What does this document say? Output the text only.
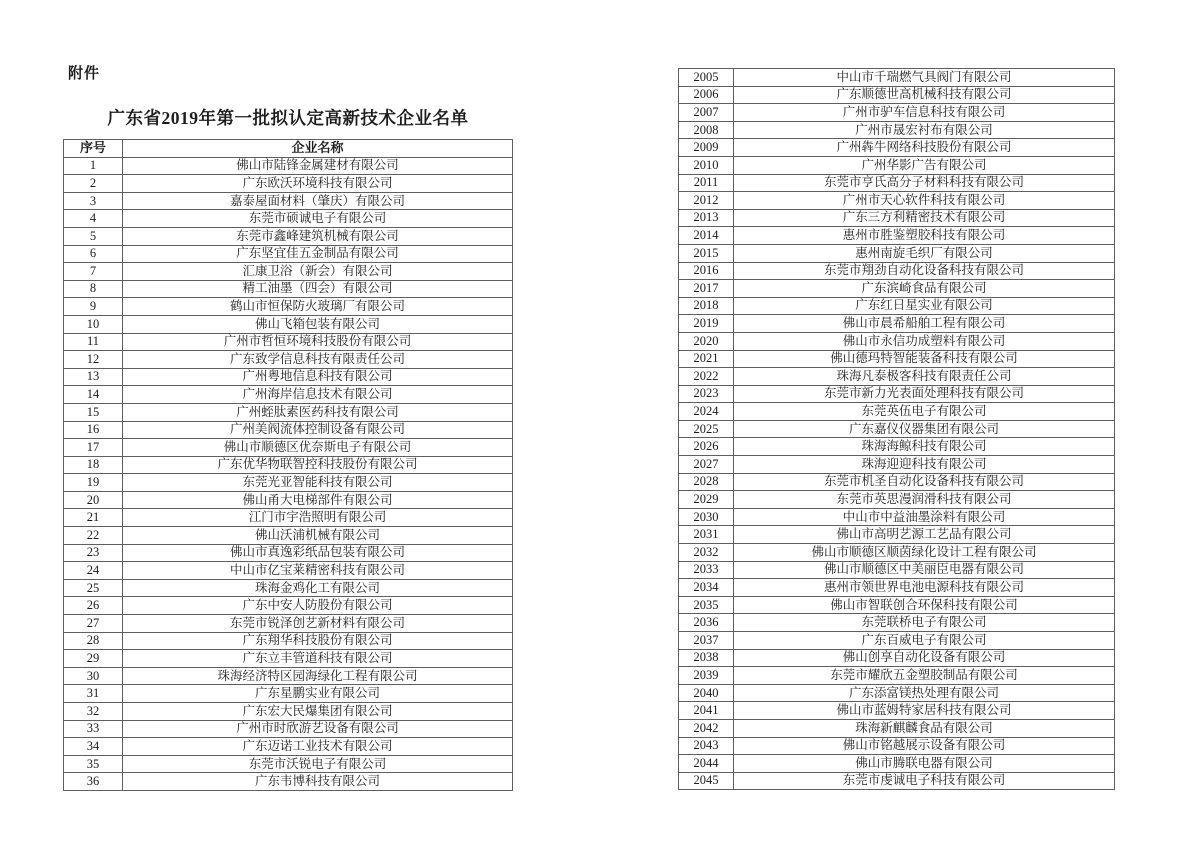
附件
广东省2019年第一批拟认定高新技术企业名单
序号	企业名称
1	佛山市陆锋金属建材有限公司
2	广东欧沃环境科技有限公司
3	嘉泰屋面材料（肇庆）有限公司
4	东莞市硕诚电子有限公司
5	东莞市鑫峰建筑机械有限公司
6	广东坚宜佳五金制品有限公司
7	汇康卫浴（新会）有限公司
8	精工油墨（四会）有限公司
9	鹤山市恒保防火玻璃厂有限公司
10	佛山飞箱包装有限公司
11	广州市哲恒环境科技股份有限公司
12	广东致学信息科技有限责任公司
13	广州粤地信息科技有限公司
14	广州海岸信息技术有限公司
15	广州蛭肽素医药科技有限公司
16	广州美阀流体控制设备有限公司
17	佛山市顺德区优奈斯电子有限公司
18	广东优华物联智控科技股份有限公司
19	东莞光亚智能科技有限公司
20	佛山甬大电梯部件有限公司
21	江门市宇浩照明有限公司
22	佛山沃浦机械有限公司
23	佛山市真逸彩纸品包装有限公司
24	中山市亿宝莱精密科技有限公司
25	珠海金鸡化工有限公司
26	广东中安人防股份有限公司
27	东莞市锐泽创艺新材料有限公司
28	广东翔华科技股份有限公司
29	广东立丰管道科技有限公司
30	珠海经济特区园海绿化工程有限公司
31	广东星鹏实业有限公司
32	广东宏大民爆集团有限公司
33	广州市时欣游艺设备有限公司
34	广东迈诺工业技术有限公司
35	东莞市沃锐电子有限公司
36	广东韦博科技有限公司
2005	中山市千瑞燃气具阀门有限公司
2006	广东顺德世高机械科技有限公司
2007	广州市驴车信息科技有限公司
2008	广州市晟宏衬布有限公司
2009	广州犇牛网络科技股份有限公司
2010	广州华影广告有限公司
2011	东莞市亨氏高分子材料科技有限公司
2012	广州市天心软件科技有限公司
2013	广东三方利精密技术有限公司
2014	惠州市胜鉴塑胶科技有限公司
2015	惠州南旋毛织厂有限公司
2016	东莞市翔劲自动化设备科技有限公司
2017	广东滨崎食品有限公司
2018	广东红日星实业有限公司
2019	佛山市晨希船舶工程有限公司
2020	佛山市永信功成塑料有限公司
2021	佛山德玛特智能装备科技有限公司
2022	珠海凡泰极客科技有限责任公司
2023	东莞市新力光表面处理科技有限公司
2024	东莞英伍电子有限公司
2025	广东嘉仪仪器集团有限公司
2026	珠海海鲸科技有限公司
2027	珠海迎迎科技有限公司
2028	东莞市机圣自动化设备科技有限公司
2029	东莞市英思漫润滑科技有限公司
2030	中山市中益油墨涂料有限公司
2031	佛山市高明艺源工艺品有限公司
2032	佛山市顺德区顺茵绿化设计工程有限公司
2033	佛山市顺德区中美丽臣电器有限公司
2034	惠州市领世界电池电源科技有限公司
2035	佛山市智联创合环保科技有限公司
2036	东莞联桥电子有限公司
2037	广东百威电子有限公司
2038	佛山创享自动化设备有限公司
2039	东莞市耀欣五金塑胶制品有限公司
2040	广东添富镁热处理有限公司
2041	佛山市蓝姆特家居科技有限公司
2042	珠海新麒麟食品有限公司
2043	佛山市铭越展示设备有限公司
2044	佛山市腾联电器有限公司
2045	东莞市虔诚电子科技有限公司
